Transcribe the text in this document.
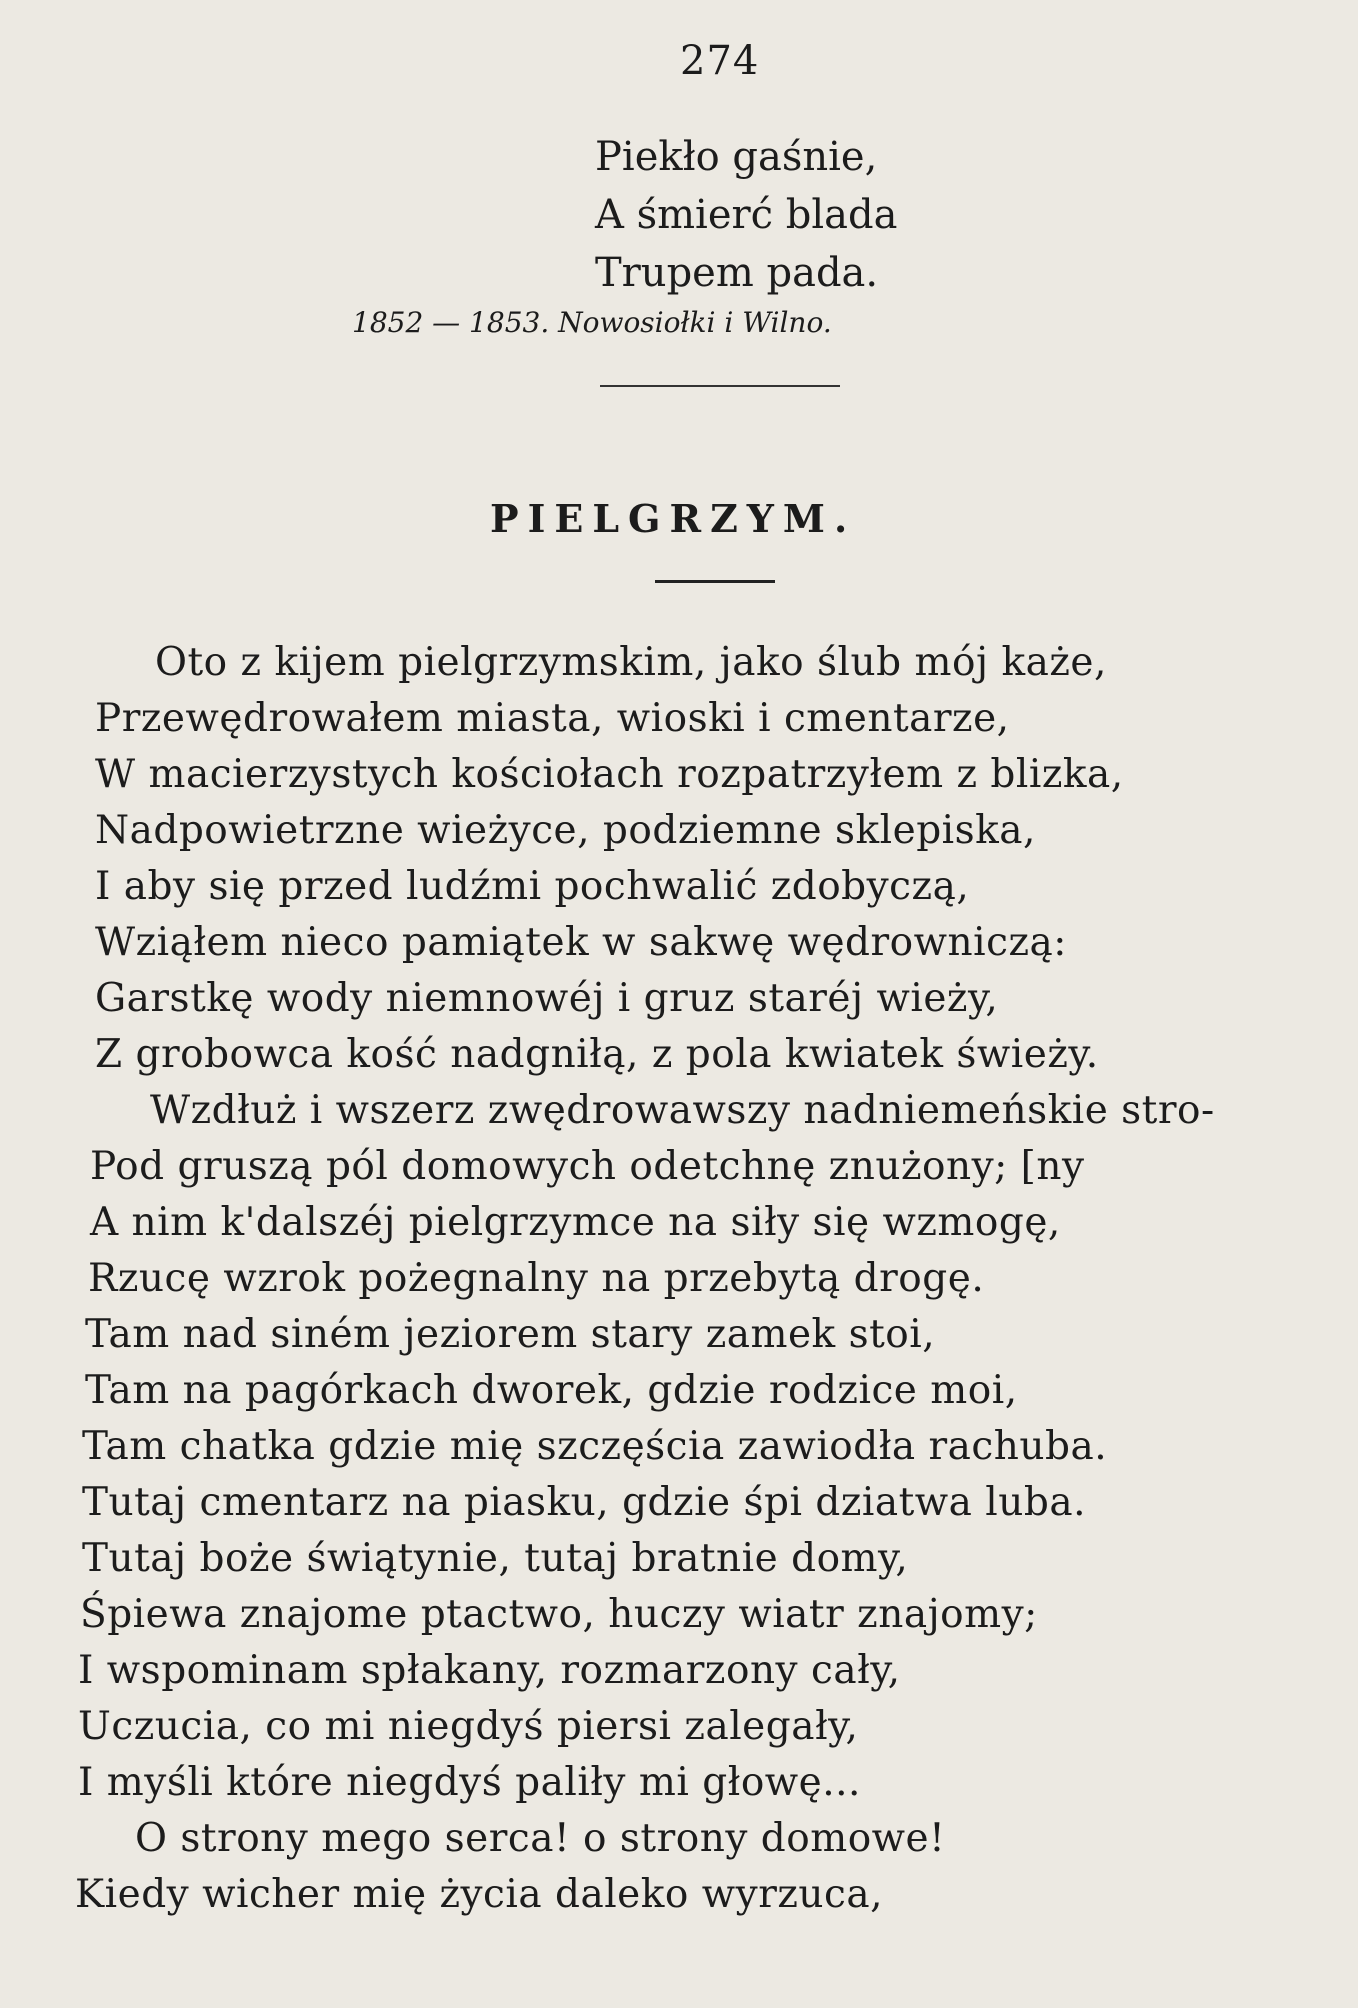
274
Piekło gaśnie,
A śmierć blada
Trupem pada.
1852 — 1853. Nowosiołki i Wilno.
PIELGRZYM.
Oto z kijem pielgrzymskim, jako ślub mój każe,
Przewędrowałem miasta, wioski i cmentarze,
W macierzystych kościołach rozpatrzyłem z blizka,
Nadpowietrzne wieżyce, podziemne sklepiska,
I aby się przed ludźmi pochwalić zdobyczą,
Wziąłem nieco pamiątek w sakwę wędrowniczą:
Garstkę wody niemnowéj i gruz staréj wieży,
Z grobowca kość nadgniłą, z pola kwiatek świeży.
Wzdłuż i wszerz zwędrowawszy nadniemeńskie stro-
Pod gruszą pól domowych odetchnę znużony; [ny
A nim k'dalszéj pielgrzymce na siły się wzmogę,
Rzucę wzrok pożegnalny na przebytą drogę.
Tam nad siném jeziorem stary zamek stoi,
Tam na pagórkach dworek, gdzie rodzice moi,
Tam chatka gdzie mię szczęścia zawiodła rachuba.
Tutaj cmentarz na piasku, gdzie śpi dziatwa luba.
Tutaj boże świątynie, tutaj bratnie domy,
Śpiewa znajome ptactwo, huczy wiatr znajomy;
I wspominam spłakany, rozmarzony cały,
Uczucia, co mi niegdyś piersi zalegały,
I myśli które niegdyś paliły mi głowę...
O strony mego serca! o strony domowe!
Kiedy wicher mię życia daleko wyrzuca,
